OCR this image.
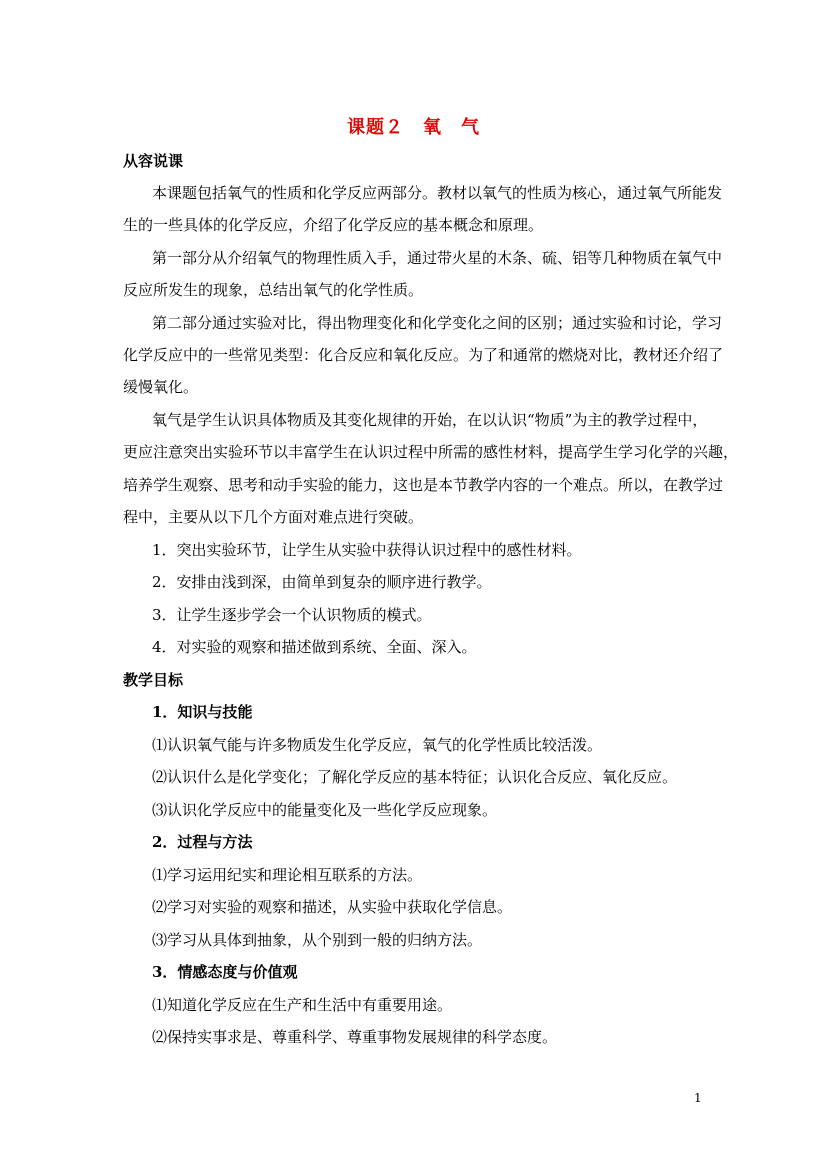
课题２　氧　气
从容说课
本课题包括氧气的性质和化学反应两部分。教材以氧气的性质为核心，通过氧气所能发
生的一些具体的化学反应，介绍了化学反应的基本概念和原理。
第一部分从介绍氧气的物理性质入手，通过带火星的木条、硫、铝等几种物质在氧气中
反应所发生的现象，总结出氧气的化学性质。
第二部分通过实验对比，得出物理变化和化学变化之间的区别；通过实验和讨论，学习
化学反应中的一些常见类型：化合反应和氧化反应。为了和通常的燃烧对比，教材还介绍了
缓慢氧化。
氧气是学生认识具体物质及其变化规律的开始，在以认识“物质”为主的教学过程中，
更应注意突出实验环节以丰富学生在认识过程中所需的感性材料，提高学生学习化学的兴趣，
培养学生观察、思考和动手实验的能力，这也是本节教学内容的一个难点。所以，在教学过
程中，主要从以下几个方面对难点进行突破。
1．突出实验环节，让学生从实验中获得认识过程中的感性材料。
2．安排由浅到深，由简单到复杂的顺序进行教学。
3．让学生逐步学会一个认识物质的模式。
4．对实验的观察和描述做到系统、全面、深入。
教学目标
1．知识与技能
⑴认识氧气能与许多物质发生化学反应，氧气的化学性质比较活泼。
⑵认识什么是化学变化；了解化学反应的基本特征；认识化合反应、氧化反应。
⑶认识化学反应中的能量变化及一些化学反应现象。
2．过程与方法
⑴学习运用纪实和理论相互联系的方法。
⑵学习对实验的观察和描述，从实验中获取化学信息。
⑶学习从具体到抽象，从个别到一般的归纳方法。
3．情感态度与价值观
⑴知道化学反应在生产和生活中有重要用途。
⑵保持实事求是、尊重科学、尊重事物发展规律的科学态度。
1
